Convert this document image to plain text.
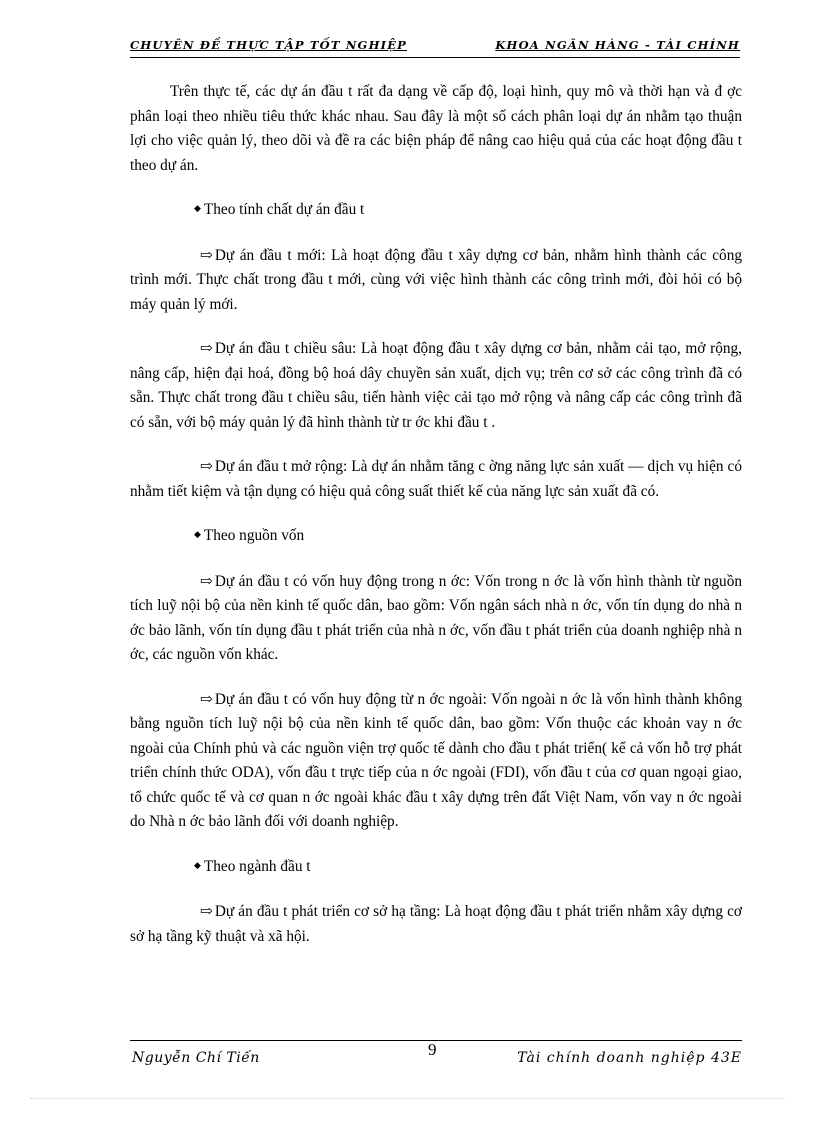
CHUYÊN ĐỀ THỰC TẬP TỐT NGHIỆP	KHOA NGÂN HÀNG - TÀI CHÍNH

Trên thực tế, các dự án đầu t rất đa dạng về cấp độ, loại hình, quy mô và thời hạn và đ ợc phân loại theo nhiều tiêu thức khác nhau. Sau đây là một số cách phân loại dự án nhằm tạo thuận lợi cho việc quản lý, theo dõi và đề ra các biện pháp để nâng cao hiệu quả của các hoạt động đầu t theo dự án.

◆ Theo tính chất dự án đầu t

⇨ Dự án đầu t mới: Là hoạt động đầu t xây dựng cơ bản, nhằm hình thành các công trình mới. Thực chất trong đầu t mới, cùng với việc hình thành các công trình mới, đòi hỏi có bộ máy quản lý mới.

⇨ Dự án đầu t chiều sâu: Là hoạt động đầu t xây dựng cơ bản, nhằm cải tạo, mở rộng, nâng cấp, hiện đại hoá, đồng bộ hoá dây chuyền sản xuất, dịch vụ; trên cơ sở các công trình đã có sẵn. Thực chất trong đầu t chiều sâu, tiến hành việc cải tạo mở rộng và nâng cấp các công trình đã có sẵn, với bộ máy quản lý đã hình thành từ tr ớc khi đầu t .

⇨ Dự án đầu t mở rộng: Là dự án nhằm tăng c ờng năng lực sản xuất — dịch vụ hiện có nhằm tiết kiệm và tận dụng có hiệu quả công suất thiết kế của năng lực sản xuất đã có.

◆ Theo nguồn vốn

⇨ Dự án đầu t có vốn huy động trong n ớc: Vốn trong n ớc là vốn hình thành từ nguồn tích luỹ nội bộ của nền kinh tế quốc dân, bao gồm: Vốn ngân sách nhà n ớc, vốn tín dụng do nhà n ớc bảo lãnh, vốn tín dụng đầu t phát triển của nhà n ớc, vốn đầu t phát triển của doanh nghiệp nhà n ớc, các nguồn vốn khác.

⇨ Dự án đầu t có vốn huy động từ n ớc ngoài: Vốn ngoài n ớc là vốn hình thành không bằng nguồn tích luỹ nội bộ của nền kinh tế quốc dân, bao gồm: Vốn thuộc các khoản vay n ớc ngoài của Chính phủ và các nguồn viện trợ quốc tế dành cho đầu t phát triển( kể cả vốn hỗ trợ phát triển chính thức ODA), vốn đầu t trực tiếp của n ớc ngoài (FDI), vốn đầu t của cơ quan ngoại giao, tổ chức quốc tế và cơ quan n ớc ngoài khác đầu t xây dựng trên đất Việt Nam, vốn vay n ớc ngoài do Nhà n ớc bảo lãnh đối với doanh nghiệp.

◆ Theo ngành đầu t

⇨ Dự án đầu t phát triển cơ sở hạ tầng: Là hoạt động đầu t phát triển nhằm xây dựng cơ sở hạ tầng kỹ thuật và xã hội.

Nguyễn Chí Tiến	9	Tài chính doanh nghiệp 43E
